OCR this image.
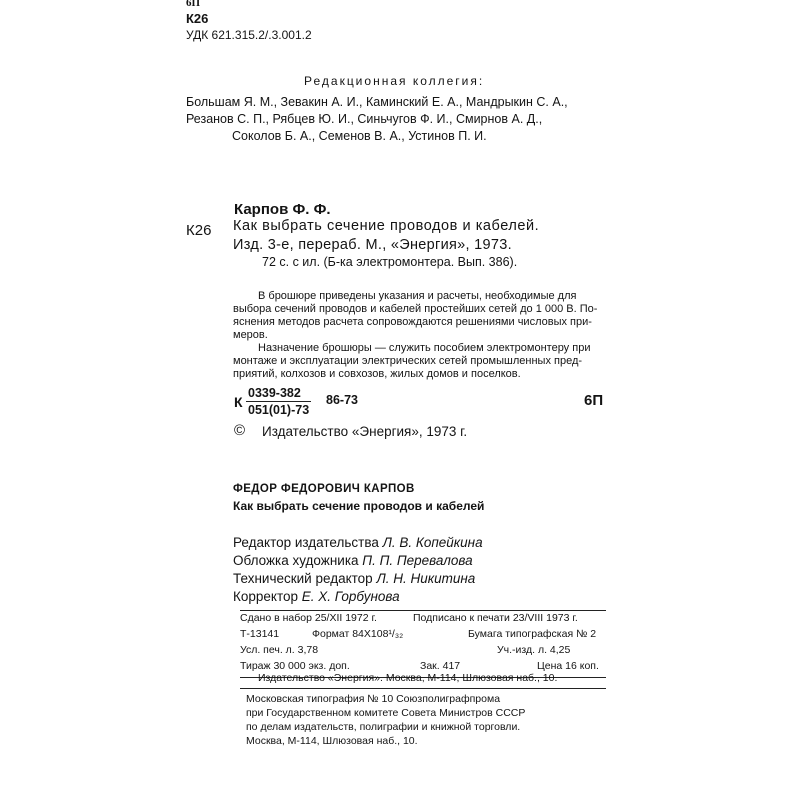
6П
К26
УДК 621.315.2/.3.001.2
Редакционная коллегия:
Большам Я. М., Зевакин А. И., Каминский Е. А., Мандрыкин С. А.,
Резанов С. П., Рябцев Ю. И., Синьчугов Ф. И., Смирнов А. Д.,
Соколов Б. А., Семенов В. А., Устинов П. И.
Карпов Ф. Ф.
К26 Как выбрать сечение проводов и кабелей.
Изд. 3-е, перераб. М., «Энергия», 1973.
72 с. с ил. (Б-ка электромонтера. Вып. 386).
В брошюре приведены указания и расчеты, необходимые для
выбора сечений проводов и кабелей простейших сетей до 1 000 В. По-
яснения методов расчета сопровождаются решениями числовых при-
меров.
Назначение брошюры — служить пособием электромонтеру при
монтаже и эксплуатации электрических сетей промышленных пред-
приятий, колхозов и совхозов, жилых домов и поселков.
К $\frac{0339-382}{051(01)-73} 86-73$	6П
© Издательство «Энергия», 1973 г.
ФЕДОР ФЕДОРОВИЧ КАРПОВ
Как выбрать сечение проводов и кабелей
Редактор издательства Л. В. Копейкина
Обложка художника П. П. Перевалова
Технический редактор Л. Н. Никитина
Корректор Е. Х. Горбунова
Сдано в набор 25/XII 1972 г.	Подписано к печати 23/VIII 1973 г.
Т-13141	Формат 84Х108¹/₃₂	Бумага типографская № 2
Усл. печ. л. 3,78	Уч.-изд. л. 4,25
Тираж 30 000 экз. доп.	Зак. 417	Цена 16 коп.
Издательство «Энергия». Москва, М-114, Шлюзовая наб., 10.
Московская типография № 10 Союзполиграфпрома
при Государственном комитете Совета Министров СССР
по делам издательств, полиграфии и книжной торговли.
Москва, М-114, Шлюзовая наб., 10.
